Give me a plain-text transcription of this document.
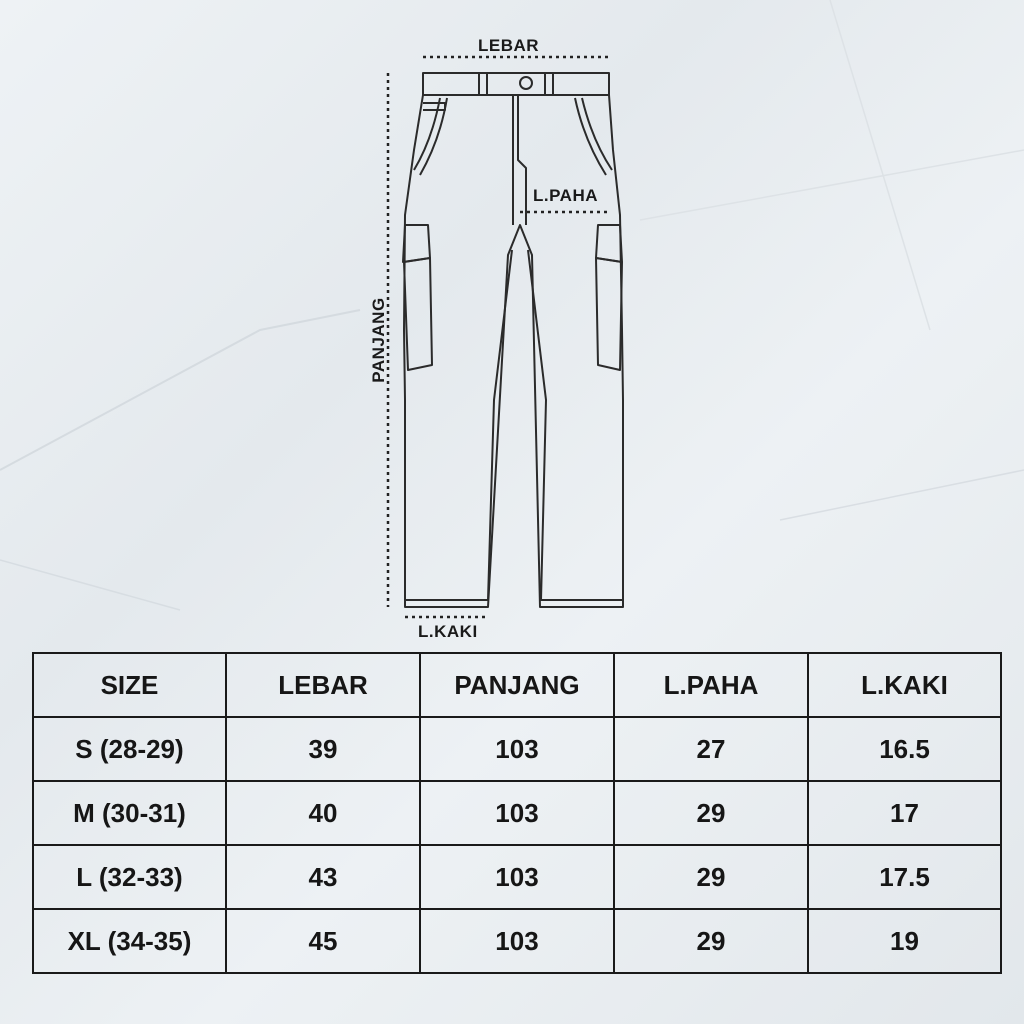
LEBAR
L.PAHA
L.KAKI
PANJANG
SIZE	LEBAR	PANJANG	L.PAHA	L.KAKI
S (28-29)	39	103	27	16.5
M (30-31)	40	103	29	17
L (32-33)	43	103	29	17.5
XL (34-35)	45	103	29	19
